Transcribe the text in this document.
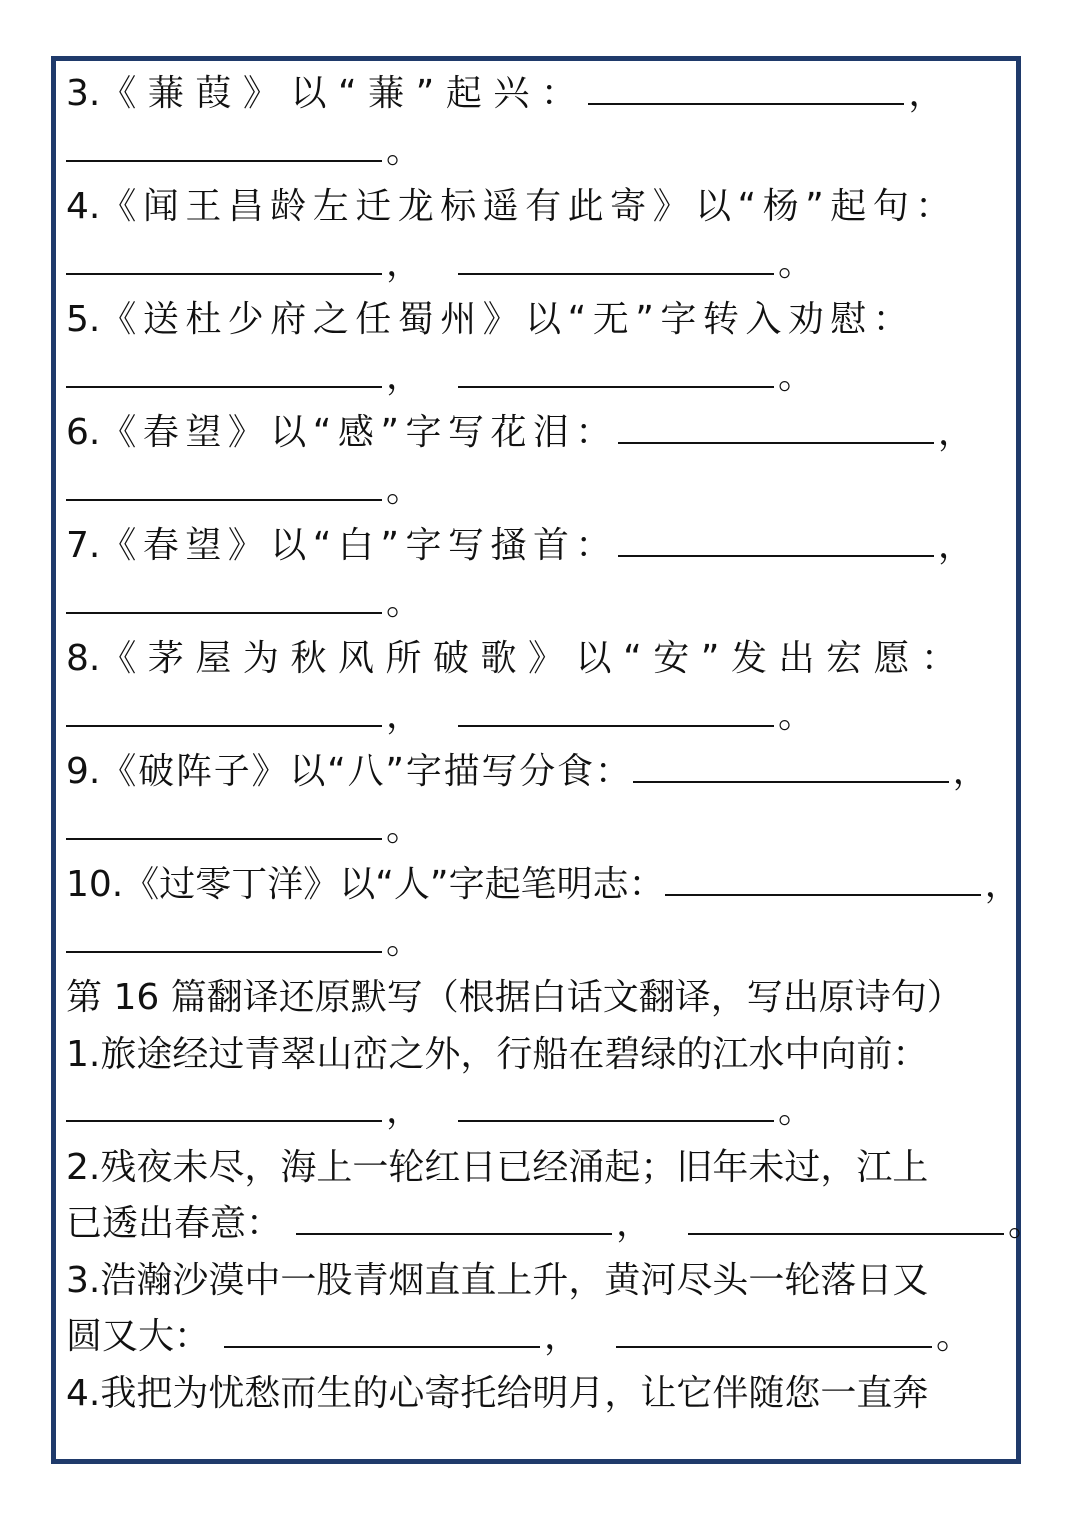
3.《蒹葭》以“蒹”起兴：	，
。
4.《闻王昌龄左迁龙标遥有此寄》以“杨”起句：
，	。
5.《送杜少府之任蜀州》以“无”字转入劝慰：
，	。
6.《春望》以“感”字写花泪：	，
。
7.《春望》以“白”字写搔首：	，
。
8.《茅屋为秋风所破歌》以“安”发出宏愿：
，	。
9.《破阵子》以“八”字描写分食：	，
。
10.《过零丁洋》以“人”字起笔明志：	，
。
第 16 篇翻译还原默写（根据白话文翻译，写出原诗句）
1.旅途经过青翠山峦之外，行船在碧绿的江水中向前：
，	。
2.残夜未尽，海上一轮红日已经涌起；旧年未过，江上
已透出春意：	，	。
3.浩瀚沙漠中一股青烟直直上升，黄河尽头一轮落日又
圆又大：	，	。
4.我把为忧愁而生的心寄托给明月，让它伴随您一直奔
